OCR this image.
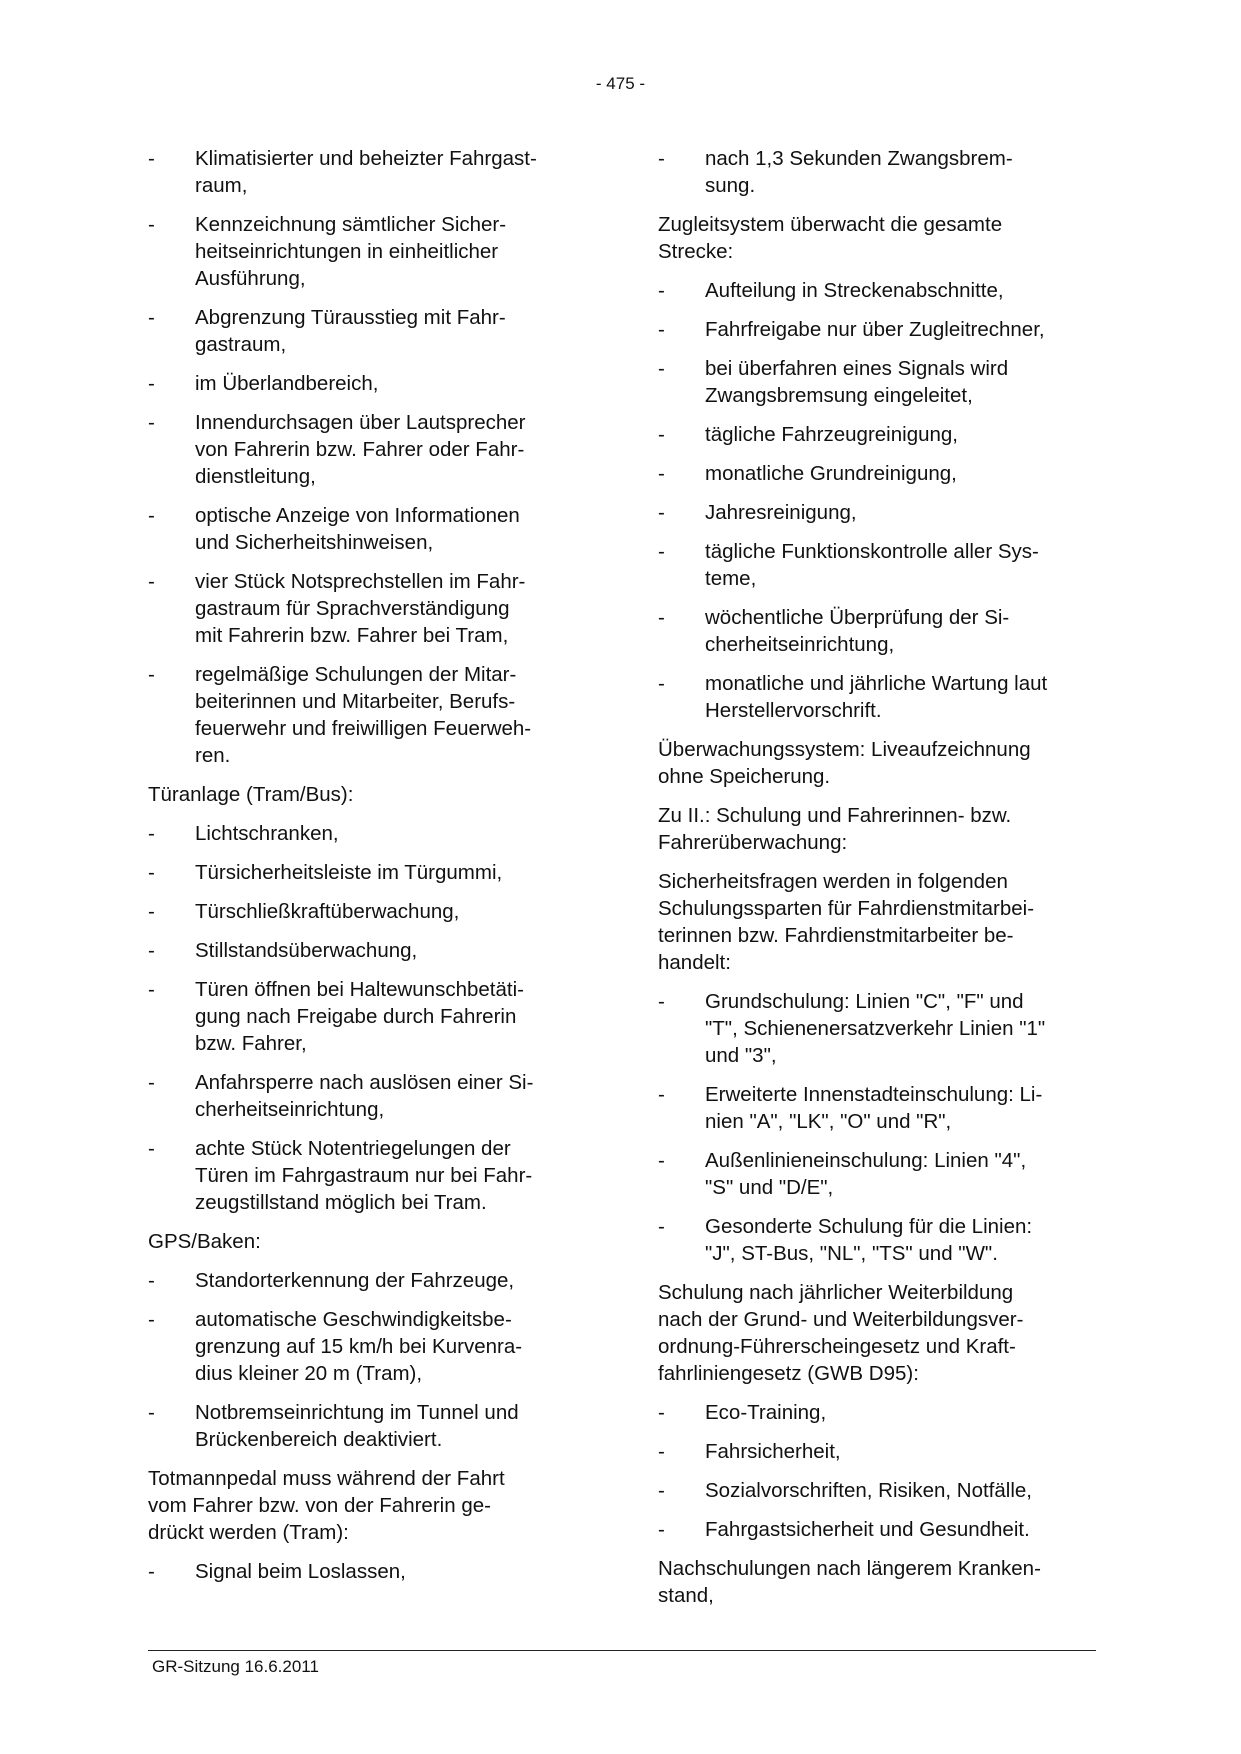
- 475 -
- Klimatisierter und beheizter Fahrgast-
raum,
- Kennzeichnung sämtlicher Sicher-
heitseinrichtungen in einheitlicher
Ausführung,
- Abgrenzung Türausstieg mit Fahr-
gastraum,
- im Überlandbereich,
- Innendurchsagen über Lautsprecher
von Fahrerin bzw. Fahrer oder Fahr-
dienstleitung,
- optische Anzeige von Informationen
und Sicherheitshinweisen,
- vier Stück Notsprechstellen im Fahr-
gastraum für Sprachverständigung
mit Fahrerin bzw. Fahrer bei Tram,
- regelmäßige Schulungen der Mitar-
beiterinnen und Mitarbeiter, Berufs-
feuerwehr und freiwilligen Feuerweh-
ren.
Türanlage (Tram/Bus):
- Lichtschranken,
- Türsicherheitsleiste im Türgummi,
- Türschließkraftüberwachung,
- Stillstandsüberwachung,
- Türen öffnen bei Haltewunschbetäti-
gung nach Freigabe durch Fahrerin
bzw. Fahrer,
- Anfahrsperre nach auslösen einer Si-
cherheitseinrichtung,
- achte Stück Notentriegelungen der
Türen im Fahrgastraum nur bei Fahr-
zeugstillstand möglich bei Tram.
GPS/Baken:
- Standorterkennung der Fahrzeuge,
- automatische Geschwindigkeitsbe-
grenzung auf 15 km/h bei Kurvenra-
dius kleiner 20 m (Tram),
- Notbremseinrichtung im Tunnel und
Brückenbereich deaktiviert.
Totmannpedal muss während der Fahrt
vom Fahrer bzw. von der Fahrerin ge-
drückt werden (Tram):
- Signal beim Loslassen,
- nach 1,3 Sekunden Zwangsbrem-
sung.
Zugleitsystem überwacht die gesamte
Strecke:
- Aufteilung in Streckenabschnitte,
- Fahrfreigabe nur über Zugleitrechner,
- bei überfahren eines Signals wird
Zwangsbremsung eingeleitet,
- tägliche Fahrzeugreinigung,
- monatliche Grundreinigung,
- Jahresreinigung,
- tägliche Funktionskontrolle aller Sys-
teme,
- wöchentliche Überprüfung der Si-
cherheitseinrichtung,
- monatliche und jährliche Wartung laut
Herstellervorschrift.
Überwachungssystem: Liveaufzeichnung
ohne Speicherung.
Zu II.: Schulung und Fahrerinnen- bzw.
Fahrerüberwachung:
Sicherheitsfragen werden in folgenden
Schulungssparten für Fahrdienstmitarbei-
terinnen bzw. Fahrdienstmitarbeiter be-
handelt:
- Grundschulung: Linien "C", "F" und
"T", Schienenersatzverkehr Linien "1"
und "3",
- Erweiterte Innenstadteinschulung: Li-
nien "A", "LK", "O" und "R",
- Außenlinieneinschulung: Linien "4",
"S" und "D/E",
- Gesonderte Schulung für die Linien:
"J", ST-Bus, "NL", "TS" und "W".
Schulung nach jährlicher Weiterbildung
nach der Grund- und Weiterbildungsver-
ordnung-Führerscheingesetz und Kraft-
fahrliniengesetz (GWB D95):
- Eco-Training,
- Fahrsicherheit,
- Sozialvorschriften, Risiken, Notfälle,
- Fahrgastsicherheit und Gesundheit.
Nachschulungen nach längerem Kranken-
stand,
GR-Sitzung 16.6.2011
